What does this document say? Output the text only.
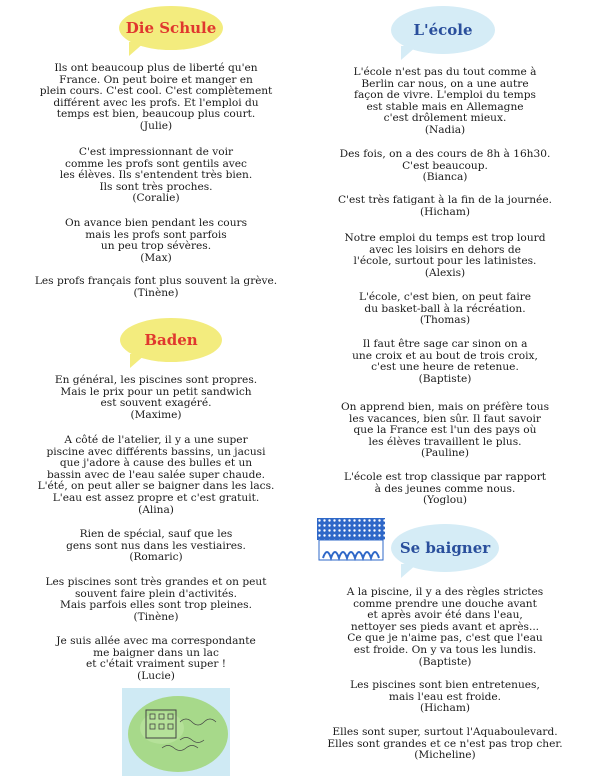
Die Schule
Ils ont beaucoup plus de liberté qu'en
France. On peut boire et manger en
plein cours. C'est cool. C'est complètement
différent avec les profs. Et l'emploi du
temps est bien, beaucoup plus court.
(Julie)
C'est impressionnant de voir
comme les profs sont gentils avec
les élèves. Ils s'entendent très bien.
Ils sont très proches.
(Coralie)
On avance bien pendant les cours
mais les profs sont parfois
un peu trop sévères.
(Max)
Les profs français font plus souvent la grève.
(Tinène)
Baden
En général, les piscines sont propres.
Mais le prix pour un petit sandwich
est souvent exagéré.
(Maxime)
A côté de l'atelier, il y a une super
piscine avec différents bassins, un jacusi
que j'adore à cause des bulles et un
bassin avec de l'eau salée super chaude.
L'été, on peut aller se baigner dans les lacs.
L'eau est assez propre et c'est gratuit.
(Alina)
Rien de spécial, sauf que les
gens sont nus dans les vestiaires.
(Romaric)
Les piscines sont très grandes et on peut
souvent faire plein d'activités.
Mais parfois elles sont trop pleines.
(Tinène)
Je suis allée avec ma correspondante
me baigner dans un lac
et c'était vraiment super !
(Lucie)
L'école
L'école n'est pas du tout comme à
Berlin car nous, on a une autre
façon de vivre. L'emploi du temps
est stable mais en Allemagne
c'est drôlement mieux.
(Nadia)
Des fois, on a des cours de 8h à 16h30.
C'est beaucoup.
(Bianca)
C'est très fatigant à la fin de la journée.
(Hicham)
Notre emploi du temps est trop lourd
avec les loisirs en dehors de
l'école, surtout pour les latinistes.
(Alexis)
L'école, c'est bien, on peut faire
du basket-ball à la récréation.
(Thomas)
Il faut être sage car sinon on a
une croix et au bout de trois croix,
c'est une heure de retenue.
(Baptiste)
On apprend bien, mais on préfère tous
les vacances, bien sûr. Il faut savoir
que la France est l'un des pays où
les élèves travaillent le plus.
(Pauline)
L'école est trop classique par rapport
à des jeunes comme nous.
(Yoglou)
Se baigner
A la piscine, il y a des règles strictes
comme prendre une douche avant
et après avoir été dans l'eau,
nettoyer ses pieds avant et après...
Ce que je n'aime pas, c'est que l'eau
est froide. On y va tous les lundis.
(Baptiste)
Les piscines sont bien entretenues,
mais l'eau est froide.
(Hicham)
Elles sont super, surtout l'Aquaboulevard.
Elles sont grandes et ce n'est pas trop cher.
(Micheline)
